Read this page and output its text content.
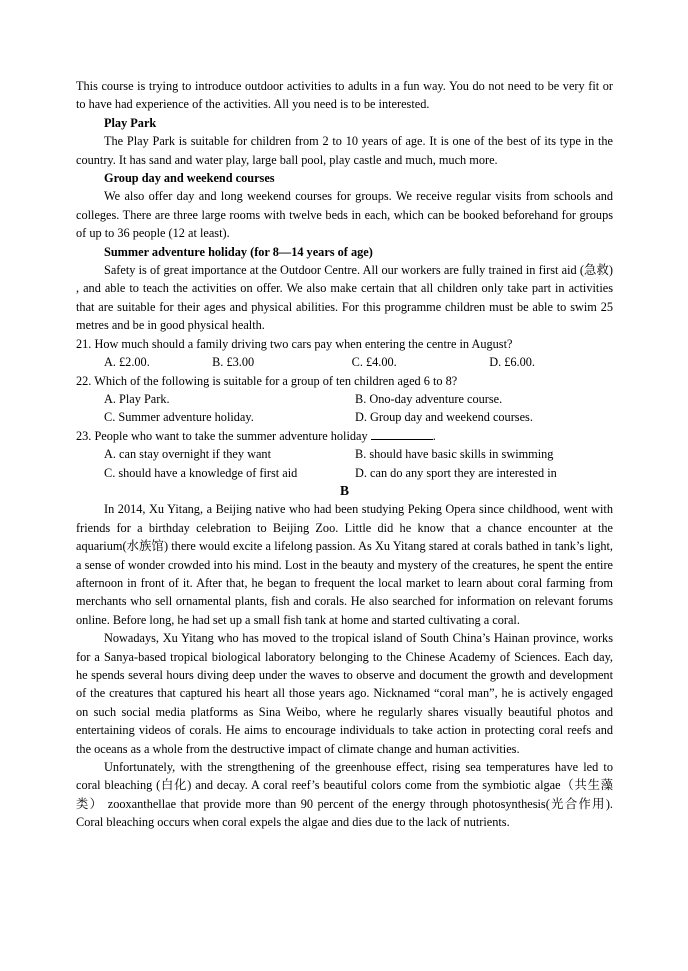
This course is trying to introduce outdoor activities to adults in a fun way. You do not need to be very fit or to have had experience of the activities. All you need is to be interested.

Play Park

The Play Park is suitable for children from 2 to 10 years of age. It is one of the best of its type in the country. It has sand and water play, large ball pool, play castle and much, much more.

Group day and weekend courses

We also offer day and long weekend courses for groups. We receive regular visits from schools and colleges. There are three large rooms with twelve beds in each, which can be booked beforehand for groups of up to 36 people (12 at least).

Summer adventure holiday (for 8—14 years of age)

Safety is of great importance at the Outdoor Centre. All our workers are fully trained in first aid (急救) , and able to teach the activities on offer. We also make certain that all children only take part in activities that are suitable for their ages and physical abilities. For this programme children must be able to swim 25 metres and be in good physical health.

21. How much should a family driving two cars pay when entering the centre in August?

A. £2.00.	B. £3.00	C. £4.00.	D. £6.00.

22. Which of the following is suitable for a group of ten children aged 6 to 8?

A. Play Park.	B. Ono-day adventure course.
C. Summer adventure holiday.	D. Group day and weekend courses.

23. People who want to take the summer adventure holiday	.

A. can stay overnight if they want	B. should have basic skills in swimming
C. should have a knowledge of first aid	D. can do any sport they are interested in

B

In 2014, Xu Yitang, a Beijing native who had been studying Peking Opera since childhood, went with friends for a birthday celebration to Beijing Zoo. Little did he know that a chance encounter at the aquarium(水族馆) there would excite a lifelong passion. As Xu Yitang stared at corals bathed in tank’s light, a sense of wonder crowded into his mind. Lost in the beauty and mystery of the creatures, he spent the entire afternoon in front of it. After that, he began to frequent the local market to learn about coral farming from merchants who sell ornamental plants, fish and corals. He also searched for information on relevant forums online. Before long, he had set up a small fish tank at home and started cultivating a coral.

Nowadays, Xu Yitang who has moved to the tropical island of South China’s Hainan province, works for a Sanya-based tropical biological laboratory belonging to the Chinese Academy of Sciences. Each day, he spends several hours diving deep under the waves to observe and document the growth and development of the creatures that captured his heart all those years ago. Nicknamed “coral man”, he is actively engaged on such social media platforms as Sina Weibo, where he regularly shares visually beautiful photos and entertaining videos of corals. He aims to encourage individuals to take action in protecting coral reefs and the oceans as a whole from the destructive impact of climate change and human activities.

Unfortunately, with the strengthening of the greenhouse effect, rising sea temperatures have led to coral bleaching (白化) and decay. A coral reef’s beautiful colors come from the symbiotic algae（共生藻类） zooxanthellae that provide more than 90 percent of the energy through photosynthesis(光合作用). Coral bleaching occurs when coral expels the algae and dies due to the lack of nutrients.
